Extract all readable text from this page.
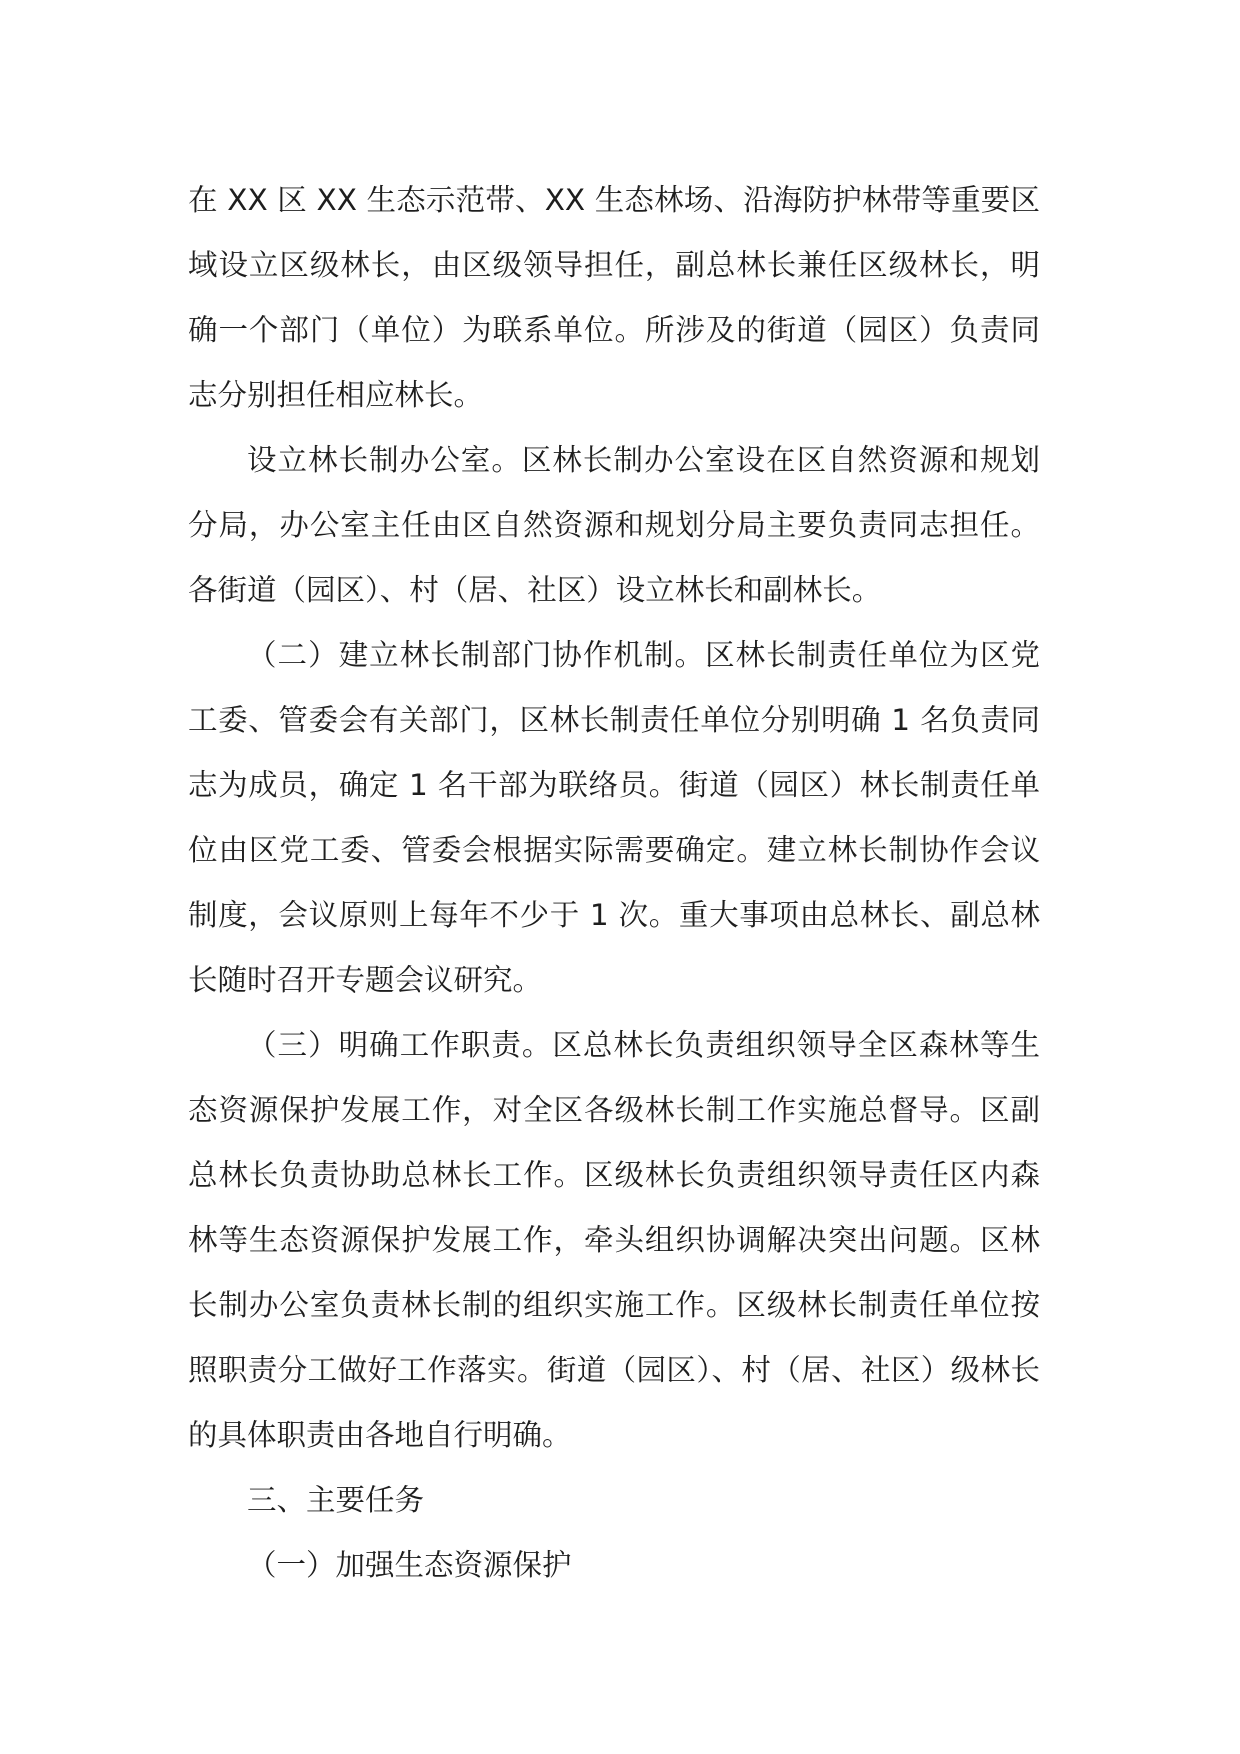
在 XX 区 XX 生态示范带、XX 生态林场、沿海防护林带等重要区域设立区级林长，由区级领导担任，副总林长兼任区级林长，明确一个部门（单位）为联系单位。所涉及的街道（园区）负责同志分别担任相应林长。

设立林长制办公室。区林长制办公室设在区自然资源和规划分局，办公室主任由区自然资源和规划分局主要负责同志担任。各街道（园区）、村（居、社区）设立林长和副林长。

（二）建立林长制部门协作机制。区林长制责任单位为区党工委、管委会有关部门，区林长制责任单位分别明确 1 名负责同志为成员，确定 1 名干部为联络员。街道（园区）林长制责任单位由区党工委、管委会根据实际需要确定。建立林长制协作会议制度，会议原则上每年不少于 1 次。重大事项由总林长、副总林长随时召开专题会议研究。

（三）明确工作职责。区总林长负责组织领导全区森林等生态资源保护发展工作，对全区各级林长制工作实施总督导。区副总林长负责协助总林长工作。区级林长负责组织领导责任区内森林等生态资源保护发展工作，牵头组织协调解决突出问题。区林长制办公室负责林长制的组织实施工作。区级林长制责任单位按照职责分工做好工作落实。街道（园区）、村（居、社区）级林长的具体职责由各地自行明确。

三、主要任务

（一）加强生态资源保护
